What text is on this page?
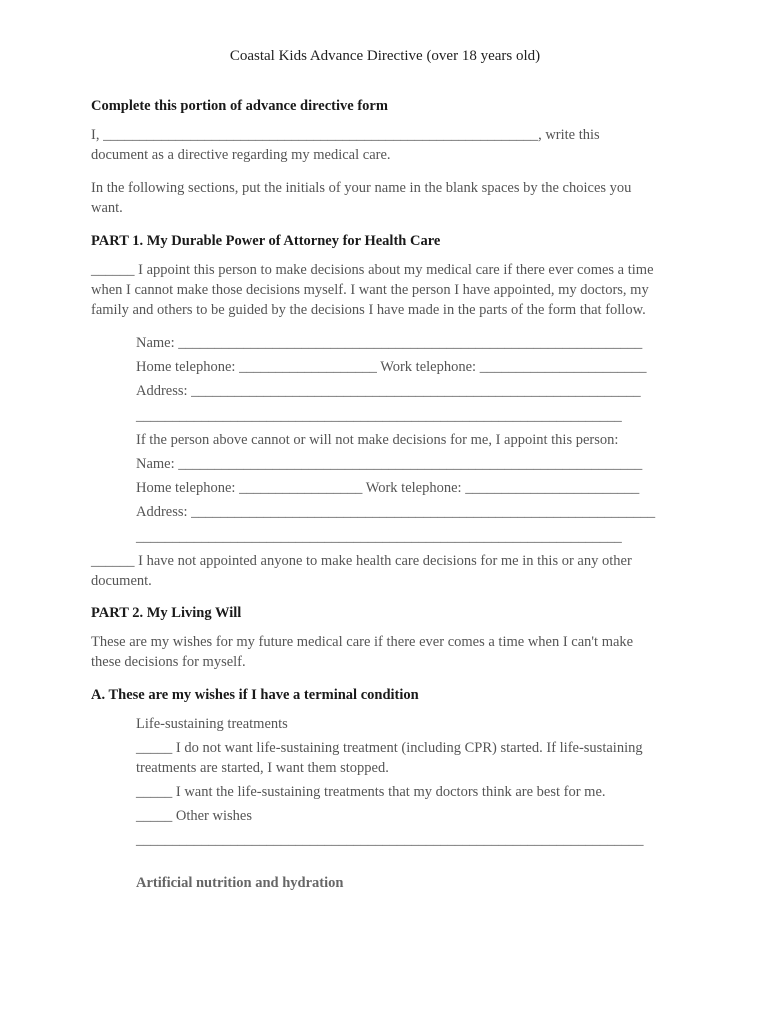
Coastal Kids Advance Directive (over 18 years old)
Complete this portion of advance directive form
I, ____________________________________________________________, write this
document as a directive regarding my medical care.
In the following sections, put the initials of your name in the blank spaces by the choices you
want.
PART 1. My Durable Power of Attorney for Health Care
______ I appoint this person to make decisions about my medical care if there ever comes a time
when I cannot make those decisions myself. I want the person I have appointed, my doctors, my
family and others to be guided by the decisions I have made in the parts of the form that follow.
Name: ________________________________________________________________
Home telephone: ___________________ Work telephone: _______________________
Address: ______________________________________________________________
___________________________________________________________________
If the person above cannot or will not make decisions for me, I appoint this person:
Name: ________________________________________________________________
Home telephone: _________________ Work telephone: ________________________
Address: ________________________________________________________________
___________________________________________________________________
______ I have not appointed anyone to make health care decisions for me in this or any other
document.
PART 2. My Living Will
These are my wishes for my future medical care if there ever comes a time when I can't make
these decisions for myself.
A. These are my wishes if I have a terminal condition
Life-sustaining treatments
_____ I do not want life-sustaining treatment (including CPR) started. If life-sustaining
treatments are started, I want them stopped.
_____ I want the life-sustaining treatments that my doctors think are best for me.
_____ Other wishes
______________________________________________________________________
Artificial nutrition and hydration
